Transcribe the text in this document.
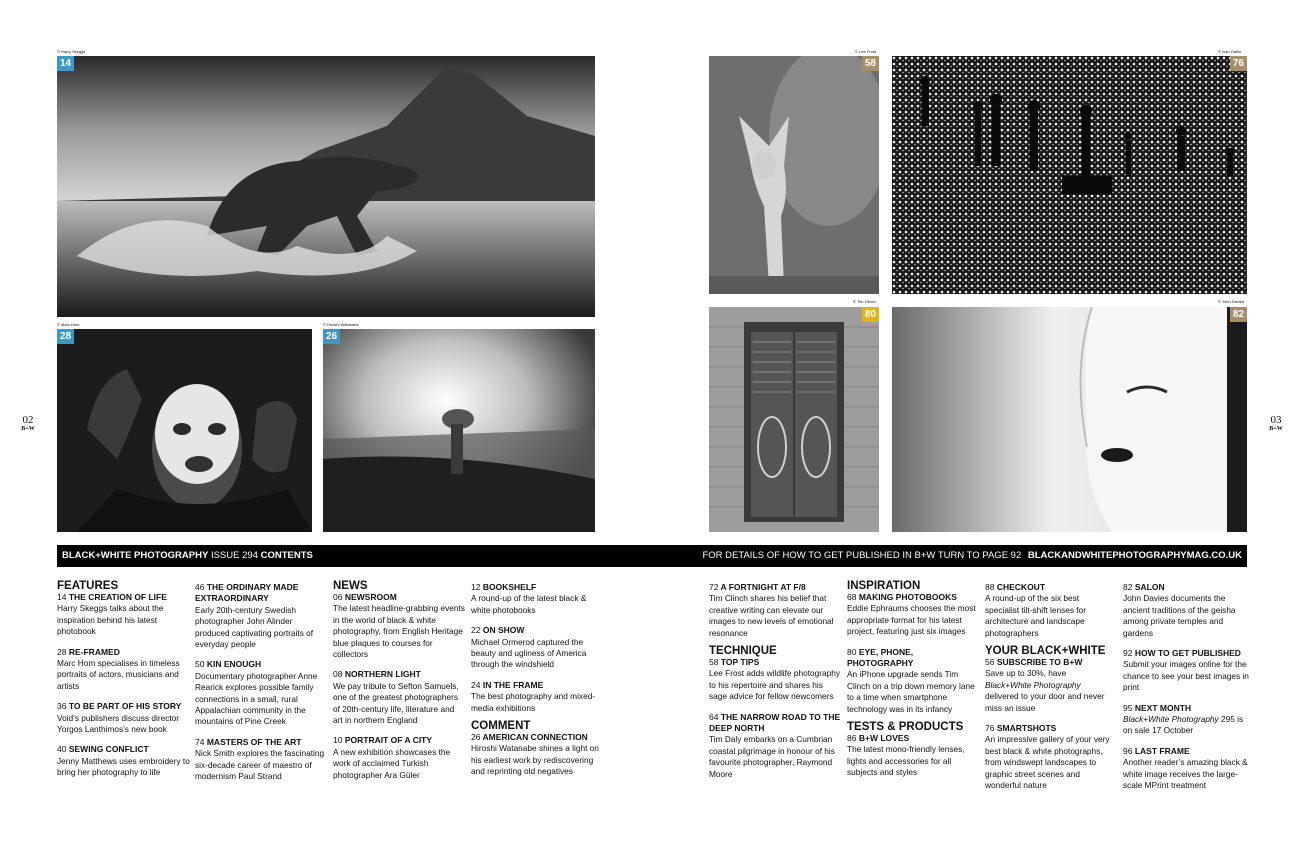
02
B+W
03
B+W
© Harry Skeggs
© Marc Hom	© Hiroshi Watanabe
© Lee Frost	© Ivan Gable
© Tim Clinch	© John Davies
14
28	26
58	76
80	82
BLACK+WHITE PHOTOGRAPHY ISSUE 294 CONTENTS	FOR DETAILS OF HOW TO GET PUBLISHED IN B+W TURN TO PAGE 92 BLACKANDWHITEPHOTOGRAPHYMAG.CO.UK
FEATURES
14 THE CREATION OF LIFE
Harry Skeggs talks about the inspiration behind his latest photobook
28 RE-FRAMED
Marc Hom specialises in timeless portraits of actors, musicians and artists
36 TO BE PART OF HIS STORY
Void’s publishers discuss director Yorgos Lanthimos’s new book
40 SEWING CONFLICT
Jenny Matthews uses embroidery to bring her photography to life
46 THE ORDINARY MADE EXTRAORDINARY
Early 20th-century Swedish photographer John Alinder produced captivating portraits of everyday people
50 KIN ENOUGH
Documentary photographer Anne Rearick explores possible family connections in a small, rural Appalachian community in the mountains of Pine Creek
74 MASTERS OF THE ART
Nick Smith explores the fascinating six-decade career of maestro of modernism Paul Strand
NEWS
06 NEWSROOM
The latest headline-grabbing events in the world of black & white photography, from English Heritage blue plaques to courses for collectors
08 NORTHERN LIGHT
We pay tribute to Sefton Samuels, one of the greatest photographers of 20th-century life, literature and art in northern England
10 PORTRAIT OF A CITY
A new exhibition showcases the work of acclaimed Turkish photographer Ara Güler
12 BOOKSHELF
A round-up of the latest black & white photobooks
22 ON SHOW
Michael Ormerod captured the beauty and ugliness of America through the windshield
24 IN THE FRAME
The best photography and mixed-media exhibitions
COMMENT
26 AMERICAN CONNECTION
Hiroshi Watanabe shines a light on his earliest work by rediscovering and reprinting old negatives
72 A FORTNIGHT AT F/8
Tim Clinch shares his belief that creative writing can elevate our images to new levels of emotional resonance
TECHNIQUE
58 TOP TIPS
Lee Frost adds wildlife photography to his repertoire and shares his sage advice for fellow newcomers
64 THE NARROW ROAD TO THE DEEP NORTH
Tim Daly embarks on a Cumbrian coastal pilgrimage in honour of his favourite photographer, Raymond Moore
INSPIRATION
68 MAKING PHOTOBOOKS
Eddie Ephraums chooses the most appropriate format for his latest project, featuring just six images
80 EYE, PHONE, PHOTOGRAPHY
An iPhone upgrade sends Tim Clinch on a trip down memory lane to a time when smartphone technology was in its infancy
TESTS & PRODUCTS
86 B+W LOVES
The latest mono-friendly lenses, lights and accessories for all subjects and styles
88 CHECKOUT
A round-up of the six best specialist tilt-shift lenses for architecture and landscape photographers
YOUR BLACK+WHITE
56 SUBSCRIBE TO B+W
Save up to 30%, have
Black+White Photography
delivered to your door and never miss an issue
76 SMARTSHOTS
An impressive gallery of your very best black & white photographs, from windswept landscapes to graphic street scenes and wonderful nature
82 SALON
John Davies documents the ancient traditions of the geisha among private temples and gardens
92 HOW TO GET PUBLISHED
Submit your images online for the chance to see your best images in print
95 NEXT MONTH
Black+White Photography 295 is on sale 17 October
96 LAST FRAME
Another reader’s amazing black & white image receives the large-scale MPrint treatment
